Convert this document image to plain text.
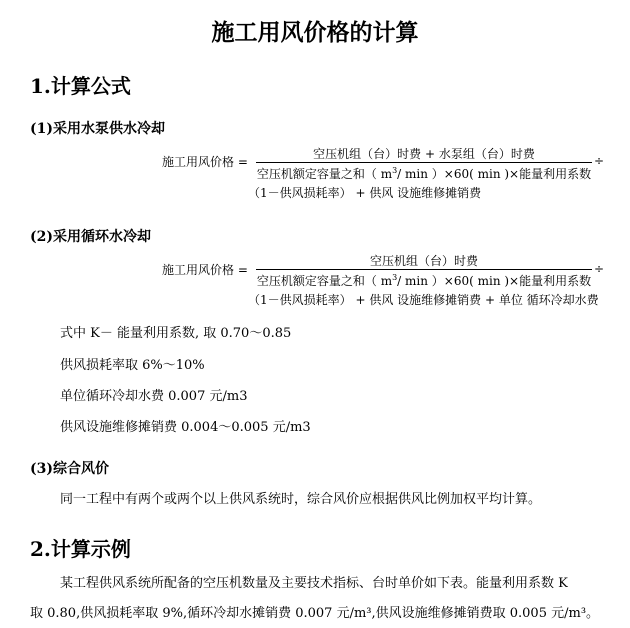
施工用风价格的计算
1.计算公式
(1)采用水泵供水冷却
施工用风价格 =
空压机组（台）时费 + 水泵组（台）时费
空压机额定容量之和（ $m^3/$ min ）×60( min )×能量利用系数
÷
（1－供风损耗率） + 供风 设施维修摊销费
(2)采用循环水冷却
施工用风价格 =
空压机组（台）时费
空压机额定容量之和（ $m^3/$ min ）×60( min )×能量利用系数
÷
（1－供风损耗率） + 供风 设施维修摊销费 + 单位 循环冷却水费
式中 K－ 能量利用系数, 取 0.70～0.85
供风损耗率取 6%～10%
单位循环冷却水费 0.007 元/m3
供风设施维修摊销费 0.004～0.005 元/m3
(3)综合风价
同一工程中有两个或两个以上供风系统时，综合风价应根据供风比例加权平均计算。
2.计算示例
某工程供风系统所配备的空压机数量及主要技术指标、台时单价如下表。能量利用系数 K
取 0.80,供风损耗率取 9%,循环冷却水摊销费 0.007 元/m³,供风设施维修摊销费取 0.005 元/m³。
